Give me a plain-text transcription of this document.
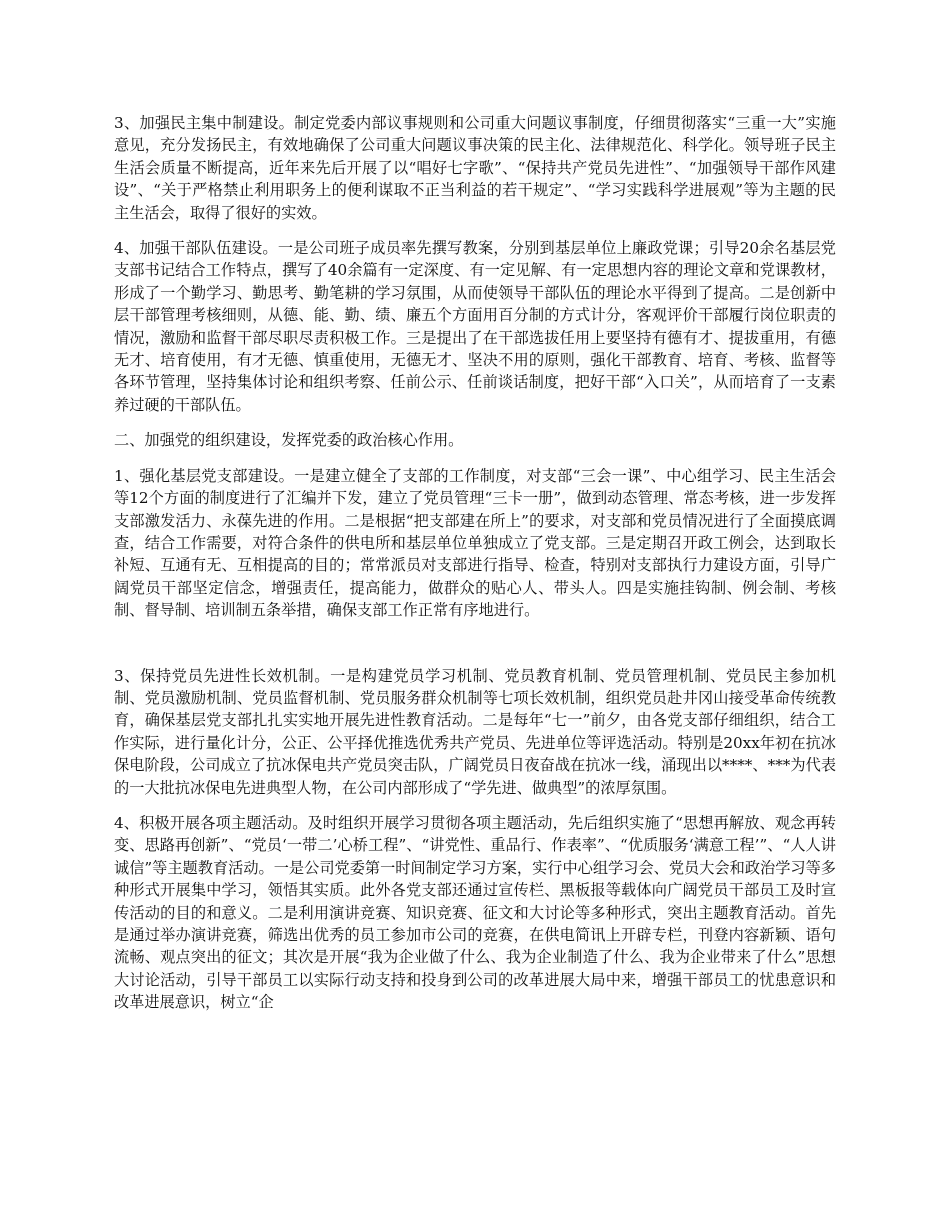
3、加强民主集中制建设。制定党委内部议事规则和公司重大问题议事制度，仔细贯彻落实“三重一大”实施意见，充分发扬民主，有效地确保了公司重大问题议事决策的民主化、法律规范化、科学化。领导班子民主生活会质量不断提高，近年来先后开展了以“唱好七字歌”、“保持共产党员先进性”、“加强领导干部作风建设”、“关于严格禁止利用职务上的便利谋取不正当利益的若干规定”、“学习实践科学进展观”等为主题的民主生活会，取得了很好的实效。

4、加强干部队伍建设。一是公司班子成员率先撰写教案，分别到基层单位上廉政党课；引导20余名基层党支部书记结合工作特点，撰写了40余篇有一定深度、有一定见解、有一定思想内容的理论文章和党课教材，形成了一个勤学习、勤思考、勤笔耕的学习氛围，从而使领导干部队伍的理论水平得到了提高。二是创新中层干部管理考核细则，从德、能、勤、绩、廉五个方面用百分制的方式计分，客观评价干部履行岗位职责的情况，激励和监督干部尽职尽责积极工作。三是提出了在干部选拔任用上要坚持有德有才、提拔重用，有德无才、培育使用，有才无德、慎重使用，无德无才、坚决不用的原则，强化干部教育、培育、考核、监督等各环节管理，坚持集体讨论和组织考察、任前公示、任前谈话制度，把好干部“入口关”，从而培育了一支素养过硬的干部队伍。

二、加强党的组织建设，发挥党委的政治核心作用。

1、强化基层党支部建设。一是建立健全了支部的工作制度，对支部“三会一课”、中心组学习、民主生活会等12个方面的制度进行了汇编并下发，建立了党员管理“三卡一册”，做到动态管理、常态考核，进一步发挥支部激发活力、永葆先进的作用。二是根据“把支部建在所上”的要求，对支部和党员情况进行了全面摸底调查，结合工作需要，对符合条件的供电所和基层单位单独成立了党支部。三是定期召开政工例会，达到取长补短、互通有无、互相提高的目的；常常派员对支部进行指导、检查，特别对支部执行力建设方面，引导广阔党员干部坚定信念，增强责任，提高能力，做群众的贴心人、带头人。四是实施挂钩制、例会制、考核制、督导制、培训制五条举措，确保支部工作正常有序地进行。

3、保持党员先进性长效机制。一是构建党员学习机制、党员教育机制、党员管理机制、党员民主参加机制、党员激励机制、党员监督机制、党员服务群众机制等七项长效机制，组织党员赴井冈山接受革命传统教育，确保基层党支部扎扎实实地开展先进性教育活动。二是每年“七一”前夕，由各党支部仔细组织，结合工作实际，进行量化计分，公正、公平择优推选优秀共产党员、先进单位等评选活动。特别是20xx年初在抗冰保电阶段，公司成立了抗冰保电共产党员突击队，广阔党员日夜奋战在抗冰一线，涌现出以****、***为代表的一大批抗冰保电先进典型人物，在公司内部形成了“学先进、做典型”的浓厚氛围。

4、积极开展各项主题活动。及时组织开展学习贯彻各项主题活动，先后组织实施了“思想再解放、观念再转变、思路再创新”、“党员‘一带二’心桥工程”、“讲党性、重品行、作表率”、“优质服务‘满意工程’”、“人人讲诚信”等主题教育活动。一是公司党委第一时间制定学习方案，实行中心组学习会、党员大会和政治学习等多种形式开展集中学习，领悟其实质。此外各党支部还通过宣传栏、黑板报等载体向广阔党员干部员工及时宣传活动的目的和意义。二是利用演讲竞赛、知识竞赛、征文和大讨论等多种形式，突出主题教育活动。首先是通过举办演讲竞赛，筛选出优秀的员工参加市公司的竞赛，在供电简讯上开辟专栏，刊登内容新颖、语句流畅、观点突出的征文；其次是开展“我为企业做了什么、我为企业制造了什么、我为企业带来了什么”思想大讨论活动，引导干部员工以实际行动支持和投身到公司的改革进展大局中来，增强干部员工的忧患意识和改革进展意识，树立“企
